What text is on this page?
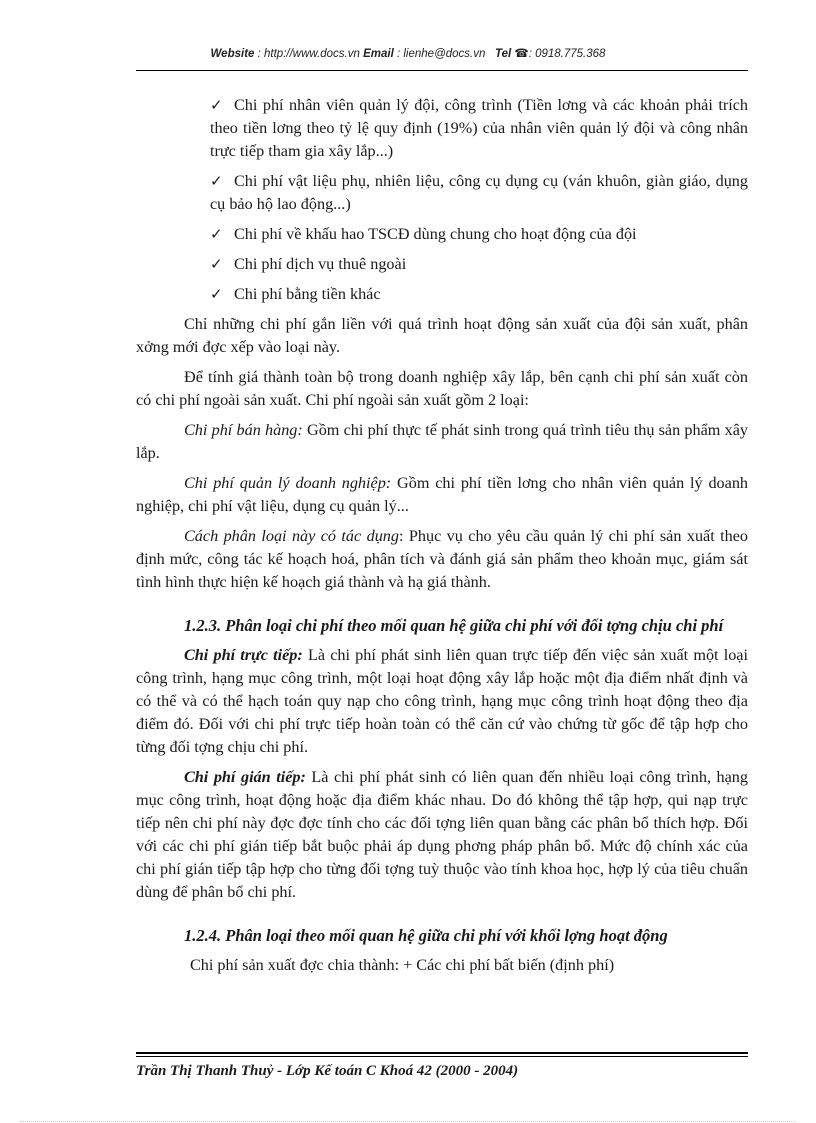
Website : http://www.docs.vn Email : lienhe@docs.vn Tel ☎: 0918.775.368

✓ Chi phí nhân viên quản lý đội, công trình (Tiền lơng và các khoản phải trích theo tiền lơng theo tỷ lệ quy định (19%) của nhân viên quản lý đội và công nhân trực tiếp tham gia xây lắp...)

✓ Chi phí vật liệu phụ, nhiên liệu, công cụ dụng cụ (ván khuôn, giàn giáo, dụng cụ bảo hộ lao động...)

✓ Chi phí về khấu hao TSCĐ dùng chung cho hoạt động của đội

✓ Chi phí dịch vụ thuê ngoài

✓ Chi phí bằng tiền khác

Chỉ những chi phí gắn liền với quá trình hoạt động sản xuất của đội sản xuất, phân xởng mới đợc xếp vào loại này.

Để tính giá thành toàn bộ trong doanh nghiệp xây lắp, bên cạnh chi phí sản xuất còn có chi phí ngoài sản xuất. Chi phí ngoài sản xuất gồm 2 loại:

Chi phí bán hàng: Gồm chi phí thực tế phát sinh trong quá trình tiêu thụ sản phẩm xây lắp.

Chi phí quản lý doanh nghiệp: Gồm chi phí tiền lơng cho nhân viên quản lý doanh nghiệp, chi phí vật liệu, dụng cụ quản lý...

Cách phân loại này có tác dụng: Phục vụ cho yêu cầu quản lý chi phí sản xuất theo định mức, công tác kế hoạch hoá, phân tích và đánh giá sản phẩm theo khoản mục, giám sát tình hình thực hiện kế hoạch giá thành và hạ giá thành.

1.2.3. Phân loại chi phí theo mối quan hệ giữa chi phí với đối tợng chịu chi phí

Chi phí trực tiếp: Là chi phí phát sinh liên quan trực tiếp đến việc sản xuất một loại công trình, hạng mục công trình, một loại hoạt động xây lắp hoặc một địa điểm nhất định và có thể và có thể hạch toán quy nạp cho công trình, hạng mục công trình hoạt động theo địa điểm đó. Đối với chi phí trực tiếp hoàn toàn có thể căn cứ vào chứng từ gốc để tập hợp cho từng đối tợng chịu chi phí.

Chi phí gián tiếp: Là chi phí phát sinh có liên quan đến nhiều loại công trình, hạng mục công trình, hoạt động hoặc địa điểm khác nhau. Do đó không thể tập hợp, qui nạp trực tiếp nên chi phí này đợc đợc tính cho các đối tợng liên quan bằng các phân bổ thích hợp. Đối với các chi phí gián tiếp bắt buộc phải áp dụng phơng pháp phân bổ. Mức độ chính xác của chi phí gián tiếp tập hợp cho từng đối tợng tuỳ thuộc vào tính khoa học, hợp lý của tiêu chuẩn dùng để phân bổ chi phí.

1.2.4. Phân loại theo mối quan hệ giữa chi phí với khối lợng hoạt động

Chi phí sản xuất đợc chia thành: + Các chi phí bất biến (định phí)

Trần Thị Thanh Thuỷ - Lớp Kế toán C Khoá 42 (2000 - 2004)
